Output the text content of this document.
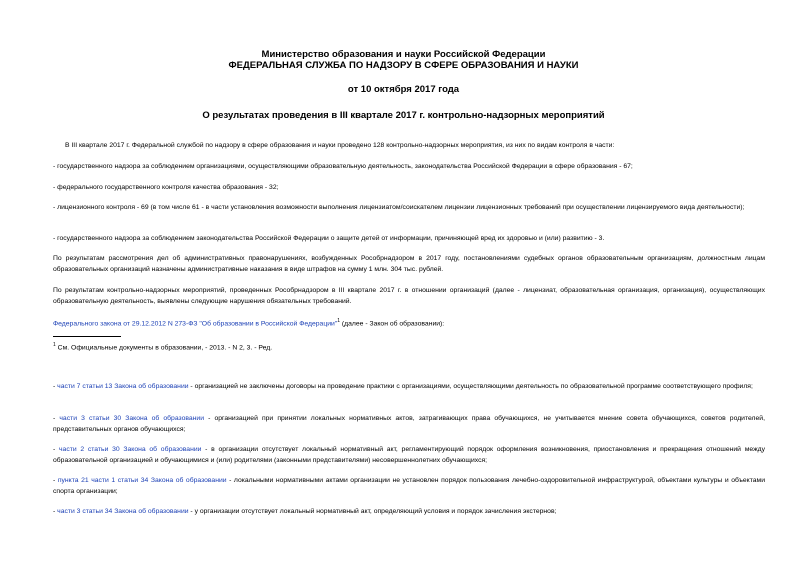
Министерство образования и науки Российской Федерации
ФЕДЕРАЛЬНАЯ СЛУЖБА ПО НАДЗОРУ В СФЕРЕ ОБРАЗОВАНИЯ И НАУКИ
от 10 октября 2017 года
О результатах проведения в III квартале 2017 г. контрольно-надзорных мероприятий
В III квартале 2017 г. Федеральной службой по надзору в сфере образования и науки проведено 128 контрольно-надзорных мероприятия, из них по видам контроля в части:
- государственного надзора за соблюдением организациями, осуществляющими образовательную деятельность, законодательства Российской Федерации в сфере образования - 67;
- федерального государственного контроля качества образования - 32;
- лицензионного контроля - 69 (в том числе 61 - в части установления возможности выполнения лицензиатом/соискателем лицензии лицензионных требований при осуществлении лицензируемого вида деятельности);
- государственного надзора за соблюдением законодательства Российской Федерации о защите детей от информации, причиняющей вред их здоровью и (или) развитию - 3.
По результатам рассмотрения дел об административных правонарушениях, возбужденных Рособрнадзором в 2017 году, постановлениями судебных органов образовательным организациям, должностным лицам образовательных организаций назначены административные наказания в виде штрафов на сумму 1 млн. 304 тыс. рублей.
По результатам контрольно-надзорных мероприятий, проведенных Рособрнадзором в III квартале 2017 г. в отношении организаций (далее - лицензиат, образовательная организация, организация), осуществляющих образовательную деятельность, выявлены следующие нарушения обязательных требований.
Федерального закона от 29.12.2012 N 273-ФЗ "Об образовании в Российской Федерации"$^1$ (далее - Закон об образовании):
$^1$ См. Официальные документы в образовании, - 2013. - N 2, 3. - Ред.
- части 7 статьи 13 Закона об образовании - организацией не заключены договоры на проведение практики с организациями, осуществляющими деятельность по образовательной программе соответствующего профиля;
- части 3 статьи 30 Закона об образовании - организацией при принятии локальных нормативных актов, затрагивающих права обучающихся, не учитывается мнение совета обучающихся, советов родителей, представительных органов обучающихся;
- части 2 статьи 30 Закона об образовании - в организации отсутствует локальный нормативный акт, регламентирующий порядок оформления возникновения, приостановления и прекращения отношений между образовательной организацией и обучающимися и (или) родителями (законными представителями) несовершеннолетних обучающихся;
- пункта 21 части 1 статьи 34 Закона об образовании - локальными нормативными актами организации не установлен порядок пользования лечебно-оздоровительной инфраструктурой, объектами культуры и объектами спорта организации;
- части 3 статьи 34 Закона об образовании - у организации отсутствует локальный нормативный акт, определяющий условия и порядок зачисления экстернов;
